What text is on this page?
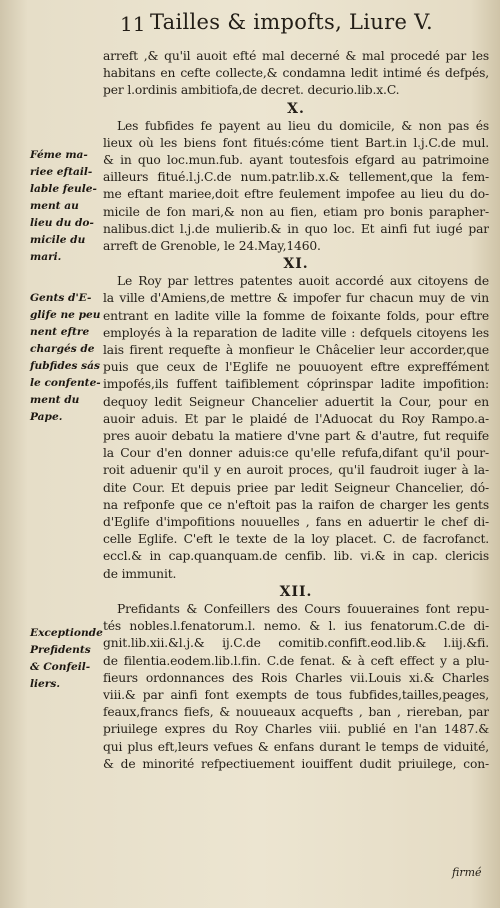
11 Tailles & impofts, Liure V.
arreft ,& qu'il auoit efté mal decerné & mal procedé par les
habitans en cefte collecte,& condamna ledit intimé és defpés,
per l.ordinis ambitiofa,de decret. decurio.lib.x.C.
X.
Les fubfides fe payent au lieu du domicile, & non pas és
lieux où les biens font fitués:cóme tient Bart.in l.j.C.de mul.
& in quo loc.mun.fub. ayant toutesfois efgard au patrimoine
ailleurs fitué.l.j.C.de num.patr.lib.x.& tellement,que la fem-
me eftant mariee,doit eftre feulement impofee au lieu du do-
micile de fon mari,& non au fien, etiam pro bonis parapher-
nalibus.dict l.j.de mulierib.& in quo loc. Et ainfi fut iugé par
arreft de Grenoble, le 24.May,1460.
XI.
Le Roy par lettres patentes auoit accordé aux citoyens de
la ville d'Amiens,de mettre & impofer fur chacun muy de vin
entrant en ladite ville la fomme de foixante folds, pour eftre
employés à la reparation de ladite ville : defquels citoyens les
lais firent requefte à monfieur le Châcelier leur accorder,que
puis que ceux de l'Eglife ne pouuoyent eftre expreffément
impofés,ils fuffent taifiblement cóprinspar ladite impofition:
dequoy ledit Seigneur Chancelier aduertit la Cour, pour en
auoir aduis. Et par le plaidé de l'Aduocat du Roy Rampo.a-
pres auoir debatu la matiere d'vne part & d'autre, fut requife
la Cour d'en donner aduis:ce qu'elle refufa,difant qu'il pour-
roit aduenir qu'il y en auroit proces, qu'il faudroit iuger à la-
dite Cour. Et depuis priee par ledit Seigneur Chancelier, dó-
na refponfe que ce n'eftoit pas la raifon de charger les gents
d'Eglife d'impofitions nouuelles , fans en aduertir le chef di-
celle Eglife. C'eft le texte de la loy placet. C. de facrofanct.
eccl.& in cap.quanquam.de cenfib. lib. vi.& in cap. clericis
de immunit.
XII.
Prefidants & Confeillers des Cours fouueraines font repu-
tés nobles.l.fenatorum.l. nemo. & l. ius fenatorum.C.de di-
gnit.lib.xii.&l.j.& ij.C.de comitib.confift.eod.lib.& l.iij.&fi.
de filentia.eodem.lib.l.fin. C.de fenat. & à ceft effect y a plu-
fieurs ordonnances des Rois Charles vii.Louis xi.& Charles
viii.& par ainfi font exempts de tous fubfides,tailles,peages,
feaux,francs fiefs, & nouueaux acquefts , ban , riereban, par
priuilege expres du Roy Charles viii. publié en l'an 1487.&
qui plus eft,leurs vefues & enfans durant le temps de viduité,
& de minorité refpectiuement iouiffent dudit priuilege, con-
Féme ma-
riee eftail-
lable feule-
ment au
lieu du do-
micile du
mari.
Gents d'E-
glife ne peu
nent eftre
chargés de
fubfides sás
le confente-
ment du
Pape.
Exceptionde
Prefidents
& Confeil-
liers.
firmé
